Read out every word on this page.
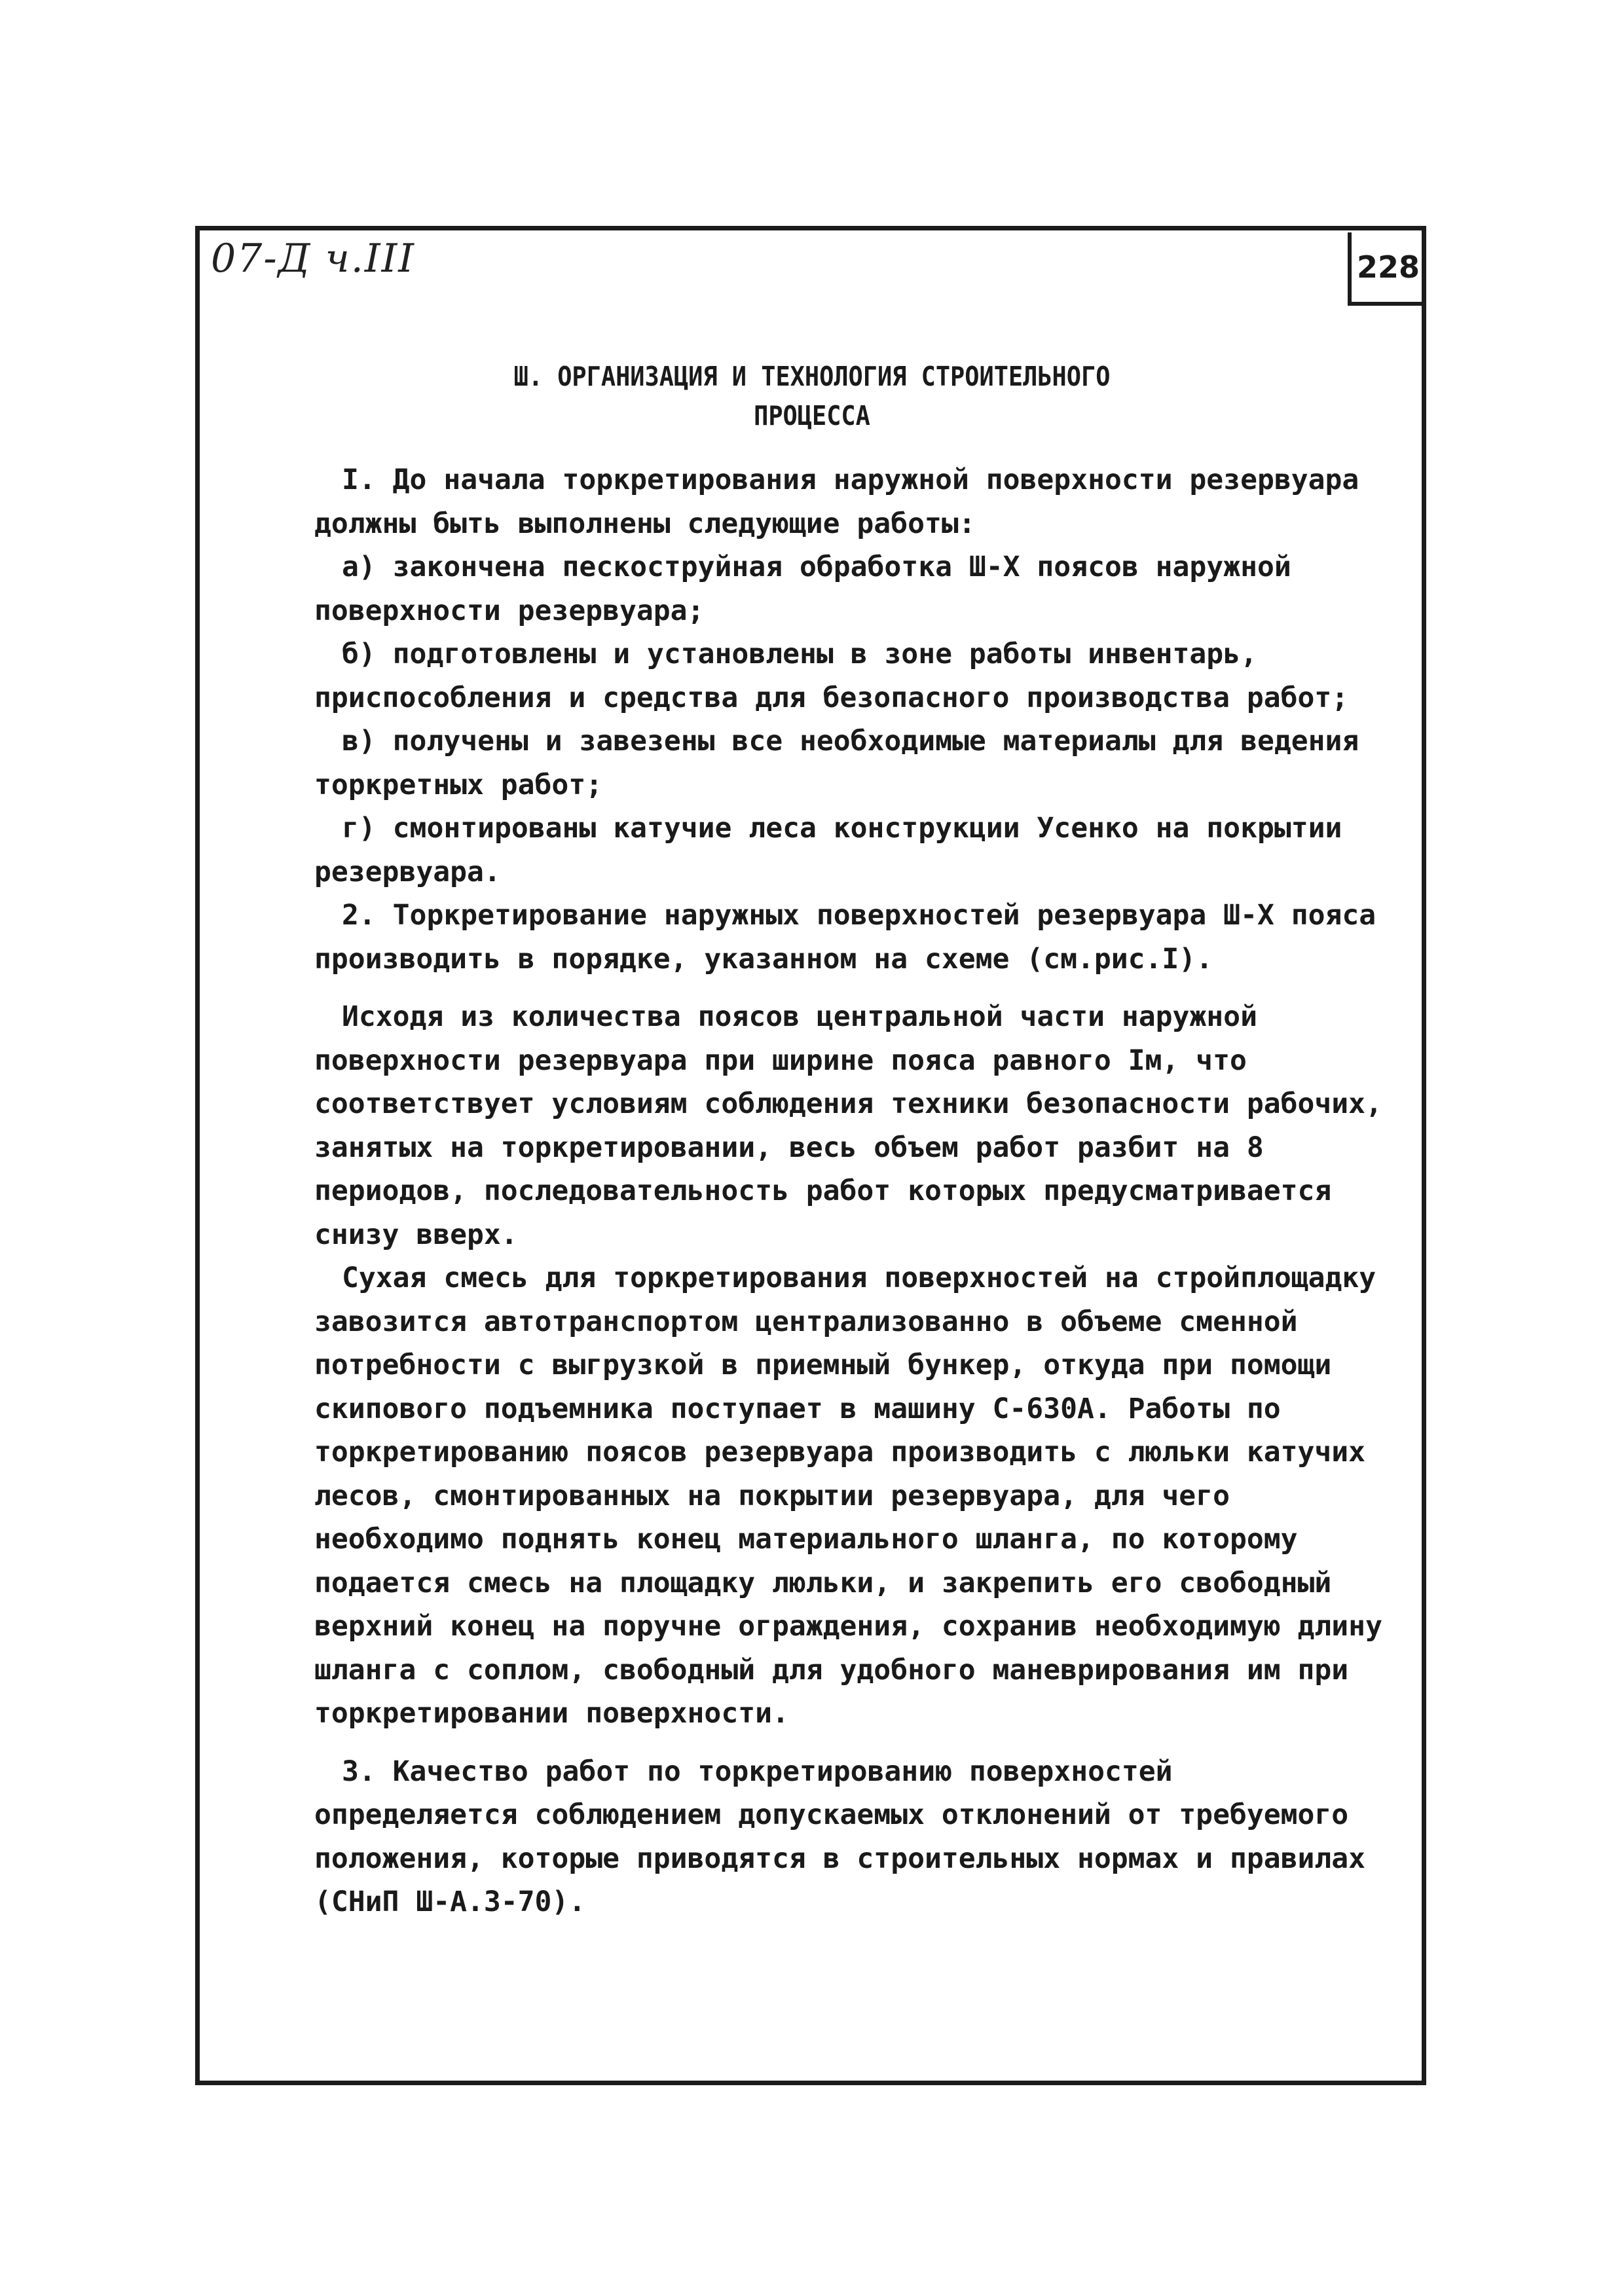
07-Д ч.III	228
Ш. ОРГАНИЗАЦИЯ И ТЕХНОЛОГИЯ СТРОИТЕЛЬНОГО
ПРОЦЕССА

I. До начала торкретирования наружной поверхности резервуара должны быть выполнены следующие работы:

а) закончена пескоструйная обработка Ш-Х поясов наружной поверхности резервуара;

б) подготовлены и установлены в зоне работы инвентарь, приспособления и средства для безопасного производства работ;

в) получены и завезены все необходимые материалы для ведения торкретных работ;

г) смонтированы катучие леса конструкции Усенко на покрытии резервуара.

2. Торкретирование наружных поверхностей резервуара Ш-Х пояса производить в порядке, указанном на схеме (см.рис.I).

Исходя из количества поясов центральной части наружной поверхности резервуара при ширине пояса равного Iм, что соответствует условиям соблюдения техники безопасности рабочих, занятых на торкретировании, весь объем работ разбит на 8 периодов, последовательность работ которых предусматривается снизу вверх.

Сухая смесь для торкретирования поверхностей на стройплощадку завозится автотранспортом централизованно в объеме сменной потребности с выгрузкой в приемный бункер, откуда при помощи скипового подъемника поступает в машину С-630А. Работы по торкретированию поясов резервуара производить с люльки катучих лесов, смонтированных на покрытии резервуара, для чего необходимо поднять конец материального шланга, по которому подается смесь на площадку люльки, и закрепить его свободный верхний конец на поручне ограждения, сохранив необходимую длину шланга с соплом, свободный для удобного маневрирования им при торкретировании поверхности.

3. Качество работ по торкретированию поверхностей определяется соблюдением допускаемых отклонений от требуемого положения, которые приводятся в строительных нормах и правилах (СНиП Ш-А.3-70).
